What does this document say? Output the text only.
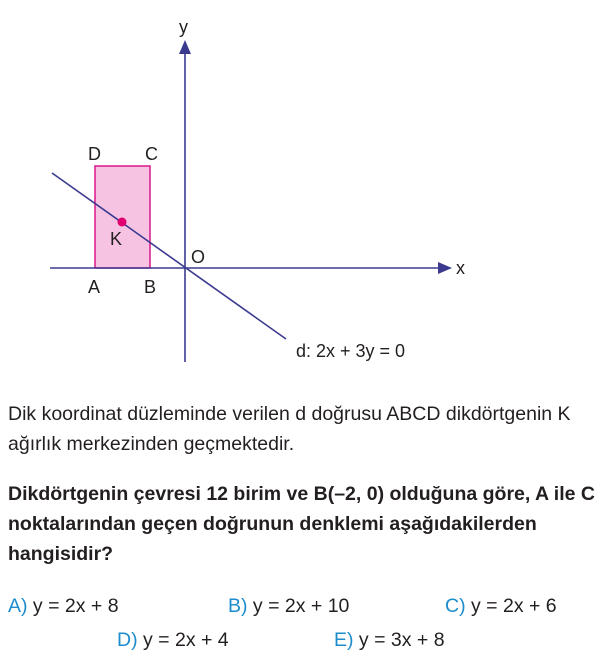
y
x
O
D C
A B
K
d: 2x + 3y = 0
Dik koordinat düzleminde verilen d doğrusu ABCD dikdörtgenin K ağırlık merkezinden geçmektedir.
Dikdörtgenin çevresi 12 birim ve B(–2, 0) olduğuna göre, A ile C noktalarından geçen doğrunun denklemi aşağıdakilerden hangisidir?
A) y = 2x + 8	B) y = 2x + 10	C) y = 2x + 6
D) y = 2x + 4	E) y = 3x + 8
